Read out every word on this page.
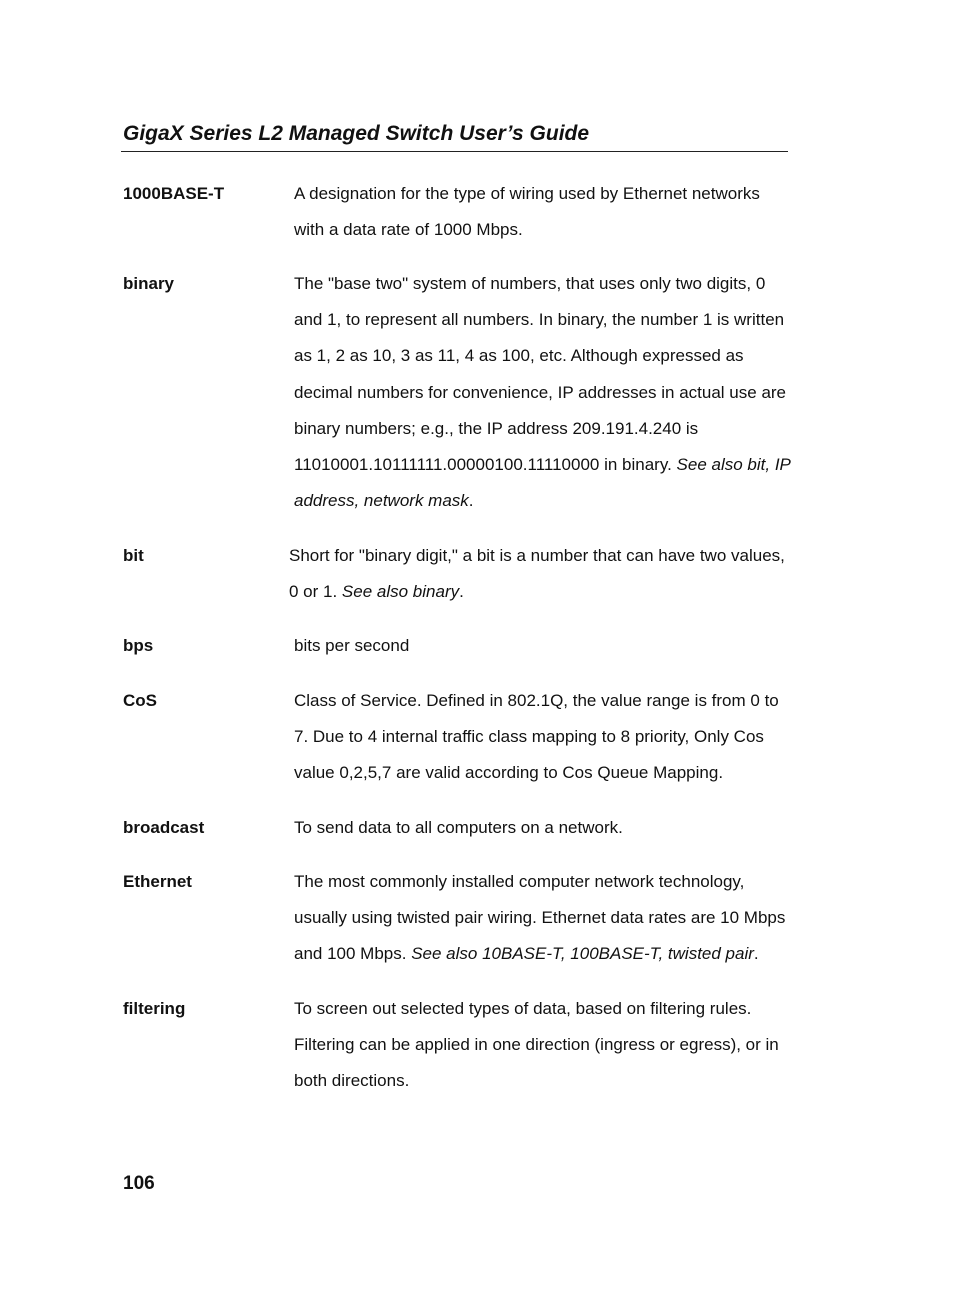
GigaX Series L2 Managed Switch User’s Guide
1000BASE-T	A designation for the type of wiring used by Ethernet networks with a data rate of 1000 Mbps.
binary	The "base two" system of numbers, that uses only two digits, 0 and 1, to represent all numbers. In binary, the number 1 is written as 1, 2 as 10, 3 as 11, 4 as 100, etc. Although expressed as decimal numbers for convenience, IP addresses in actual use are binary numbers; e.g., the IP address 209.191.4.240 is 11010001.10111111.00000100.11110000 in binary. See also bit, IP address, network mask.
bit	Short for "binary digit," a bit is a number that can have two values, 0 or 1. See also binary.
bps	bits per second
CoS	Class of Service. Defined in 802.1Q, the value range is from 0 to 7. Due to 4 internal traffic class mapping to 8 priority, Only Cos value 0,2,5,7 are valid according to Cos Queue Mapping.
broadcast	To send data to all computers on a network.
Ethernet	The most commonly installed computer network technology, usually using twisted pair wiring. Ethernet data rates are 10 Mbps and 100 Mbps. See also 10BASE-T, 100BASE-T, twisted pair.
filtering	To screen out selected types of data, based on filtering rules. Filtering can be applied in one direction (ingress or egress), or in both directions.
106
